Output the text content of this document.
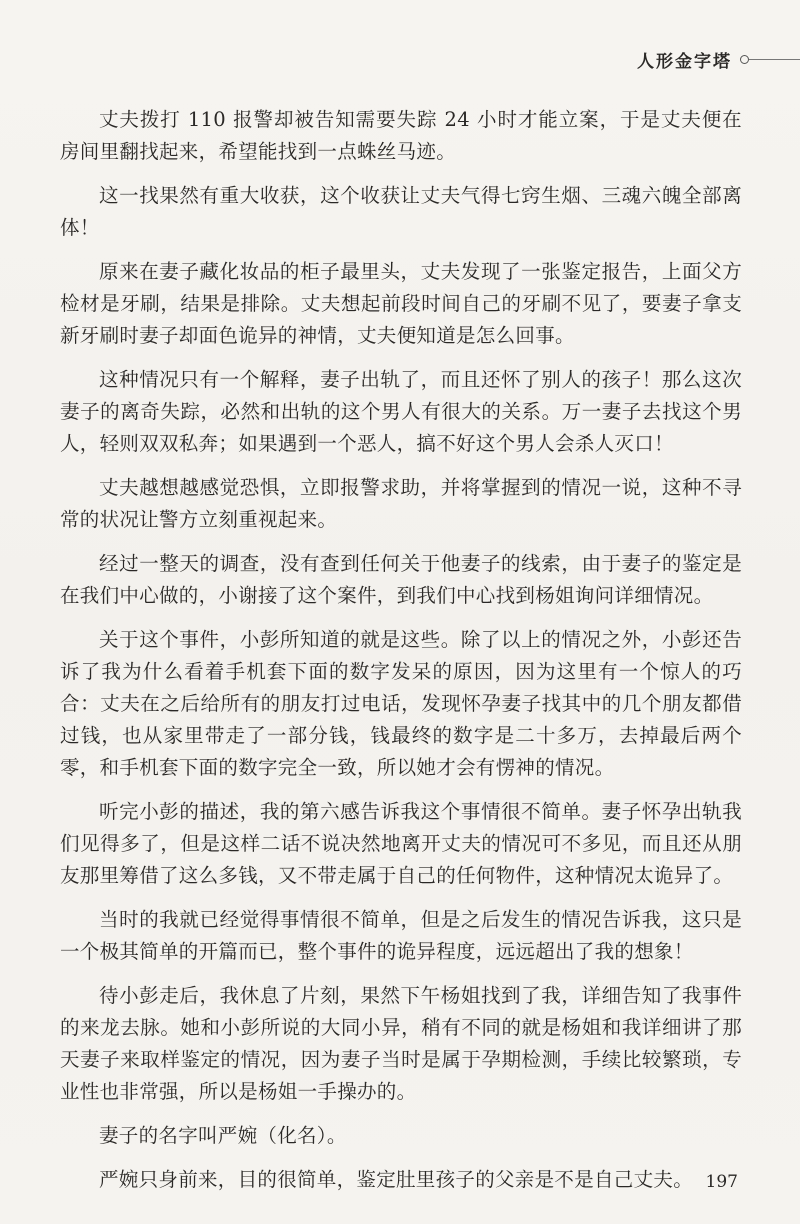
人形金字塔

丈夫拨打 110 报警却被告知需要失踪 24 小时才能立案，于是丈夫便在房间里翻找起来，希望能找到一点蛛丝马迹。

这一找果然有重大收获，这个收获让丈夫气得七窍生烟、三魂六魄全部离体！

原来在妻子藏化妆品的柜子最里头，丈夫发现了一张鉴定报告，上面父方检材是牙刷，结果是排除。丈夫想起前段时间自己的牙刷不见了，要妻子拿支新牙刷时妻子却面色诡异的神情，丈夫便知道是怎么回事。

这种情况只有一个解释，妻子出轨了，而且还怀了别人的孩子！那么这次妻子的离奇失踪，必然和出轨的这个男人有很大的关系。万一妻子去找这个男人，轻则双双私奔；如果遇到一个恶人，搞不好这个男人会杀人灭口！

丈夫越想越感觉恐惧，立即报警求助，并将掌握到的情况一说，这种不寻常的状况让警方立刻重视起来。

经过一整天的调查，没有查到任何关于他妻子的线索，由于妻子的鉴定是在我们中心做的，小谢接了这个案件，到我们中心找到杨姐询问详细情况。

关于这个事件，小彭所知道的就是这些。除了以上的情况之外，小彭还告诉了我为什么看着手机套下面的数字发呆的原因，因为这里有一个惊人的巧合：丈夫在之后给所有的朋友打过电话，发现怀孕妻子找其中的几个朋友都借过钱，也从家里带走了一部分钱，钱最终的数字是二十多万，去掉最后两个零，和手机套下面的数字完全一致，所以她才会有愣神的情况。

听完小彭的描述，我的第六感告诉我这个事情很不简单。妻子怀孕出轨我们见得多了，但是这样二话不说决然地离开丈夫的情况可不多见，而且还从朋友那里筹借了这么多钱，又不带走属于自己的任何物件，这种情况太诡异了。

当时的我就已经觉得事情很不简单，但是之后发生的情况告诉我，这只是一个极其简单的开篇而已，整个事件的诡异程度，远远超出了我的想象！

待小彭走后，我休息了片刻，果然下午杨姐找到了我，详细告知了我事件的来龙去脉。她和小彭所说的大同小异，稍有不同的就是杨姐和我详细讲了那天妻子来取样鉴定的情况，因为妻子当时是属于孕期检测，手续比较繁琐，专业性也非常强，所以是杨姐一手操办的。

妻子的名字叫严婉（化名）。

严婉只身前来，目的很简单，鉴定肚里孩子的父亲是不是自己丈夫。 197
